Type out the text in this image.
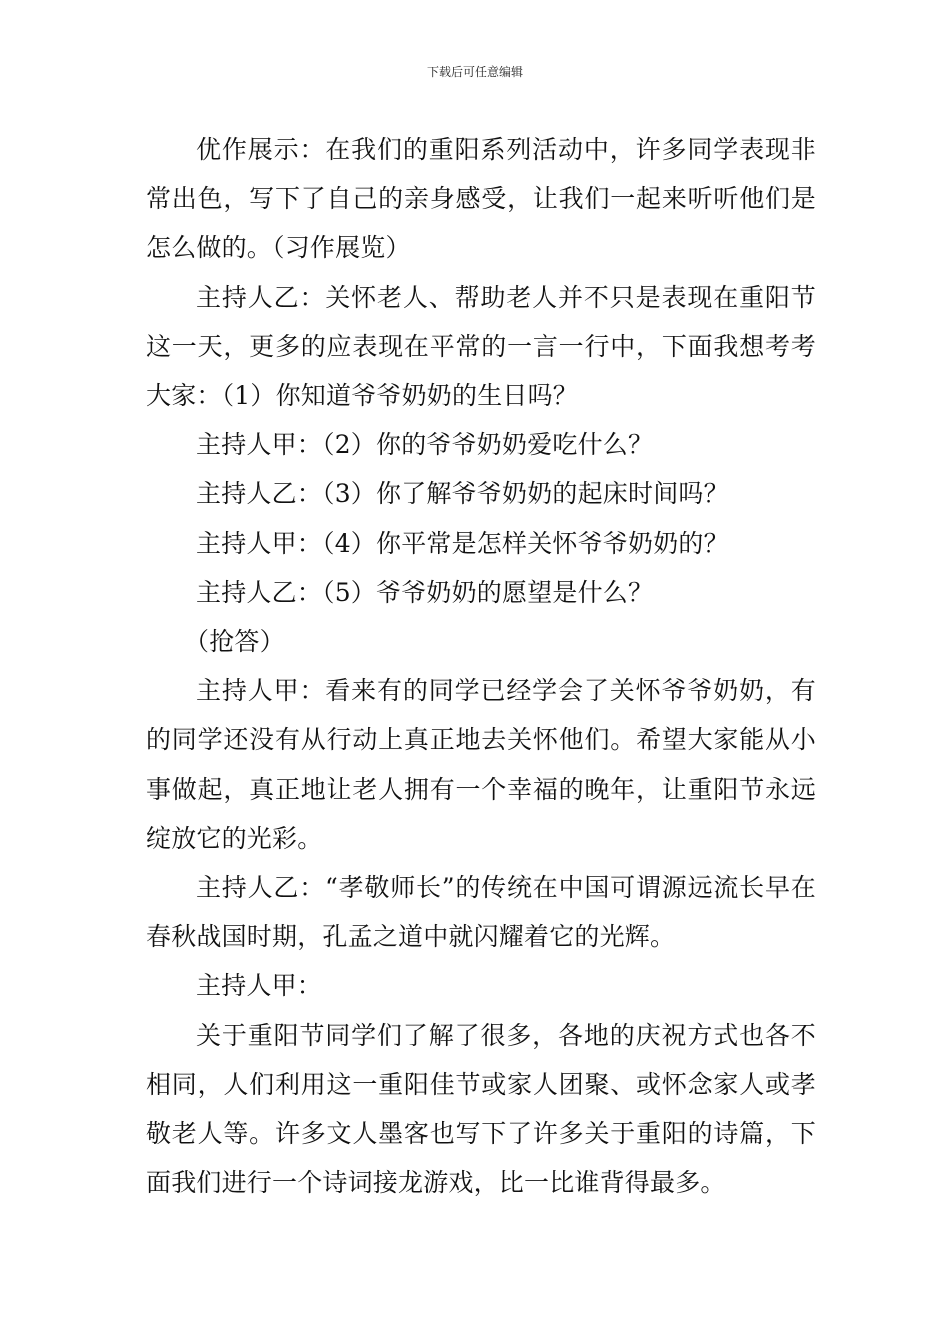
下载后可任意编辑

优作展示：在我们的重阳系列活动中，许多同学表现非常出色，写下了自己的亲身感受，让我们一起来听听他们是怎么做的。（习作展览）

主持人乙：关怀老人、帮助老人并不只是表现在重阳节这一天，更多的应表现在平常的一言一行中，下面我想考考大家：（1）你知道爷爷奶奶的生日吗？

主持人甲：（2）你的爷爷奶奶爱吃什么？

主持人乙：（3）你了解爷爷奶奶的起床时间吗？

主持人甲：（4）你平常是怎样关怀爷爷奶奶的？

主持人乙：（5）爷爷奶奶的愿望是什么？

（抢答）

主持人甲：看来有的同学已经学会了关怀爷爷奶奶，有的同学还没有从行动上真正地去关怀他们。希望大家能从小事做起，真正地让老人拥有一个幸福的晚年，让重阳节永远绽放它的光彩。

主持人乙：“孝敬师长”的传统在中国可谓源远流长早在春秋战国时期，孔孟之道中就闪耀着它的光辉。

主持人甲：

关于重阳节同学们了解了很多，各地的庆祝方式也各不相同，人们利用这一重阳佳节或家人团聚、或怀念家人或孝敬老人等。许多文人墨客也写下了许多关于重阳的诗篇，下面我们进行一个诗词接龙游戏，比一比谁背得最多。
